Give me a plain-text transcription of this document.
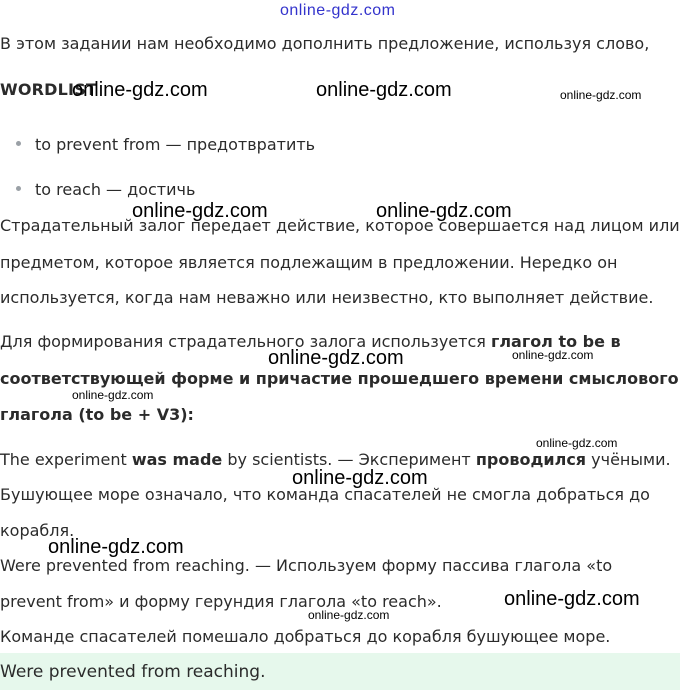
online-gdz.com
В этом задании нам необходимо дополнить предложение, используя слово,
WORDLIST
to prevent from — предотвратить
to reach — достичь
Страдательный залог передает действие, которое совершается над лицом или
предметом, которое является подлежащим в предложении. Нередко он
используется, когда нам неважно или неизвестно, кто выполняет действие.
Для формирования страдательного залога используется глагол to be в
соответствующей форме и причастие прошедшего времени смыслового
глагола (to be + V3):
The experiment was made by scientists. — Эксперимент проводился учёными.
Бушующее море означало, что команда спасателей не смогла добраться до
корабля.
Were prevented from reaching. — Используем форму пассива глагола «to
prevent from» и форму герундия глагола «to reach».
Команде спасателей помешало добраться до корабля бушующее море.
Were prevented from reaching.
online-gdz.com	online-gdz.com	online-gdz.com
online-gdz.com	online-gdz.com
online-gdz.com	online-gdz.com
online-gdz.com
online-gdz.com
online-gdz.com
online-gdz.com
online-gdz.com
online-gdz.com
